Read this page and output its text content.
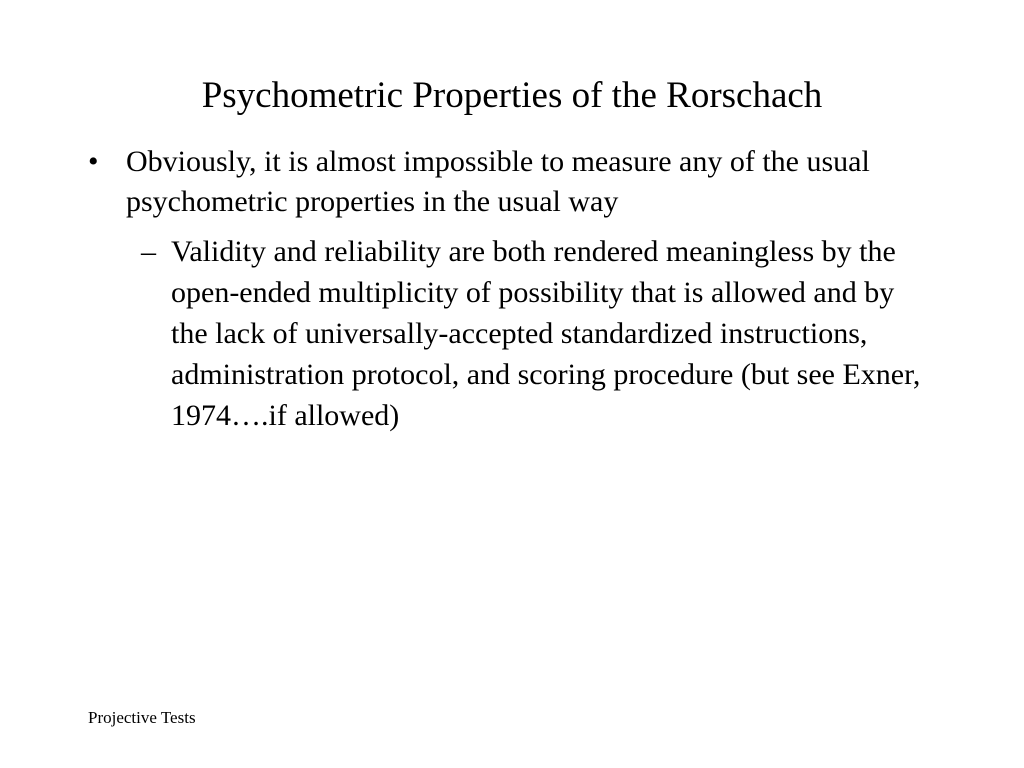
Psychometric Properties of the Rorschach
• Obviously, it is almost impossible to measure any of the usual psychometric properties in the usual way
– Validity and reliability are both rendered meaningless by the open-ended multiplicity of possibility that is allowed and by the lack of universally-accepted standardized instructions, administration protocol, and scoring procedure (but see Exner, 1974….if allowed)
Projective Tests
